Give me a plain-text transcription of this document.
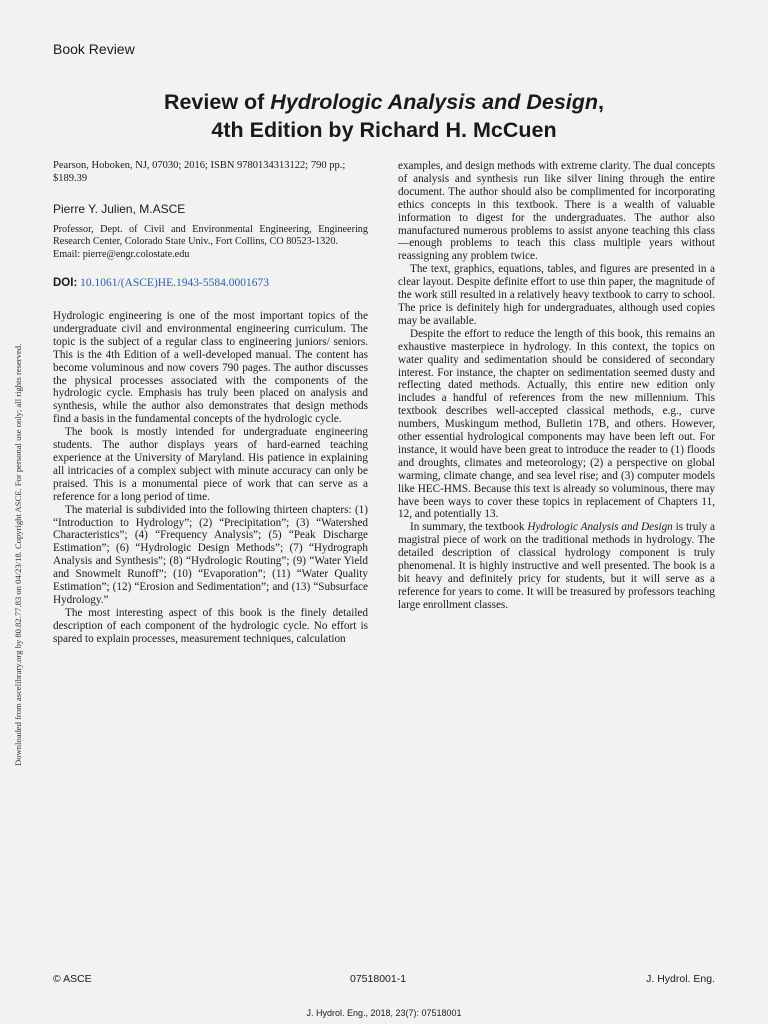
Book Review
Review of Hydrologic Analysis and Design,
4th Edition by Richard H. McCuen

Pearson, Hoboken, NJ, 07030; 2016; ISBN 9780134313122; 790 pp.; $189.39

Pierre Y. Julien, M.ASCE

Professor, Dept. of Civil and Environmental Engineering, Engineering Research Center, Colorado State Univ., Fort Collins, CO 80523-1320.

Email: pierre@engr.colostate.edu

DOI: 10.1061/(ASCE)HE.1943-5584.0001673

Hydrologic engineering is one of the most important topics of the undergraduate civil and environmental engineering curriculum. The topic is the subject of a regular class to engineering juniors/ seniors. This is the 4th Edition of a well-developed manual. The content has become voluminous and now covers 790 pages. The author discusses the physical processes associated with the components of the hydrologic cycle. Emphasis has truly been placed on analysis and synthesis, while the author also demonstrates that design methods find a basis in the fundamental concepts of the hydrologic cycle.

The book is mostly intended for undergraduate engineering students. The author displays years of hard-earned teaching experience at the University of Maryland. His patience in explaining all intricacies of a complex subject with minute accuracy can only be praised. This is a monumental piece of work that can serve as a reference for a long period of time.

The material is subdivided into the following thirteen chapters: (1) “Introduction to Hydrology”; (2) “Precipitation”; (3) “Watershed Characteristics”; (4) “Frequency Analysis”; (5) “Peak Discharge Estimation”; (6) “Hydrologic Design Methods”; (7) “Hydrograph Analysis and Synthesis”; (8) “Hydrologic Routing”; (9) “Water Yield and Snowmelt Runoff”; (10) “Evaporation”; (11) “Water Quality Estimation”; (12) “Erosion and Sedimentation”; and (13) “Subsurface Hydrology.”

The most interesting aspect of this book is the finely detailed description of each component of the hydrologic cycle. No effort is spared to explain processes, measurement techniques, calculation

examples, and design methods with extreme clarity. The dual concepts of analysis and synthesis run like silver lining through the entire document. The author should also be complimented for incorporating ethics concepts in this textbook. There is a wealth of valuable information to digest for the undergraduates. The author also manufactured numerous problems to assist anyone teaching this class—enough problems to teach this class multiple years without reassigning any problem twice.

The text, graphics, equations, tables, and figures are presented in a clear layout. Despite definite effort to use thin paper, the magnitude of the work still resulted in a relatively heavy textbook to carry to school. The price is definitely high for undergraduates, although used copies may be available.

Despite the effort to reduce the length of this book, this remains an exhaustive masterpiece in hydrology. In this context, the topics on water quality and sedimentation should be considered of secondary interest. For instance, the chapter on sedimentation seemed dusty and reflecting dated methods. Actually, this entire new edition only includes a handful of references from the new millennium. This textbook describes well-accepted classical methods, e.g., curve numbers, Muskingum method, Bulletin 17B, and others. However, other essential hydrological components may have been left out. For instance, it would have been great to introduce the reader to (1) floods and droughts, climates and meteorology; (2) a perspective on global warming, climate change, and sea level rise; and (3) computer models like HEC-HMS. Because this text is already so voluminous, there may have been ways to cover these topics in replacement of Chapters 11, 12, and potentially 13.

In summary, the textbook Hydrologic Analysis and Design is truly a magistral piece of work on the traditional methods in hydrology. The detailed description of classical hydrology component is truly phenomenal. It is highly instructive and well presented. The book is a bit heavy and definitely pricy for students, but it will serve as a reference for years to come. It will be treasured by professors teaching large enrollment classes.

© ASCE	07518001-1	J. Hydrol. Eng.
J. Hydrol. Eng., 2018, 23(7): 07518001
Downloaded from ascelibrary.org by 80.82.77.83 on 04/23/18. Copyright ASCE. For personal use only; all rights reserved.
